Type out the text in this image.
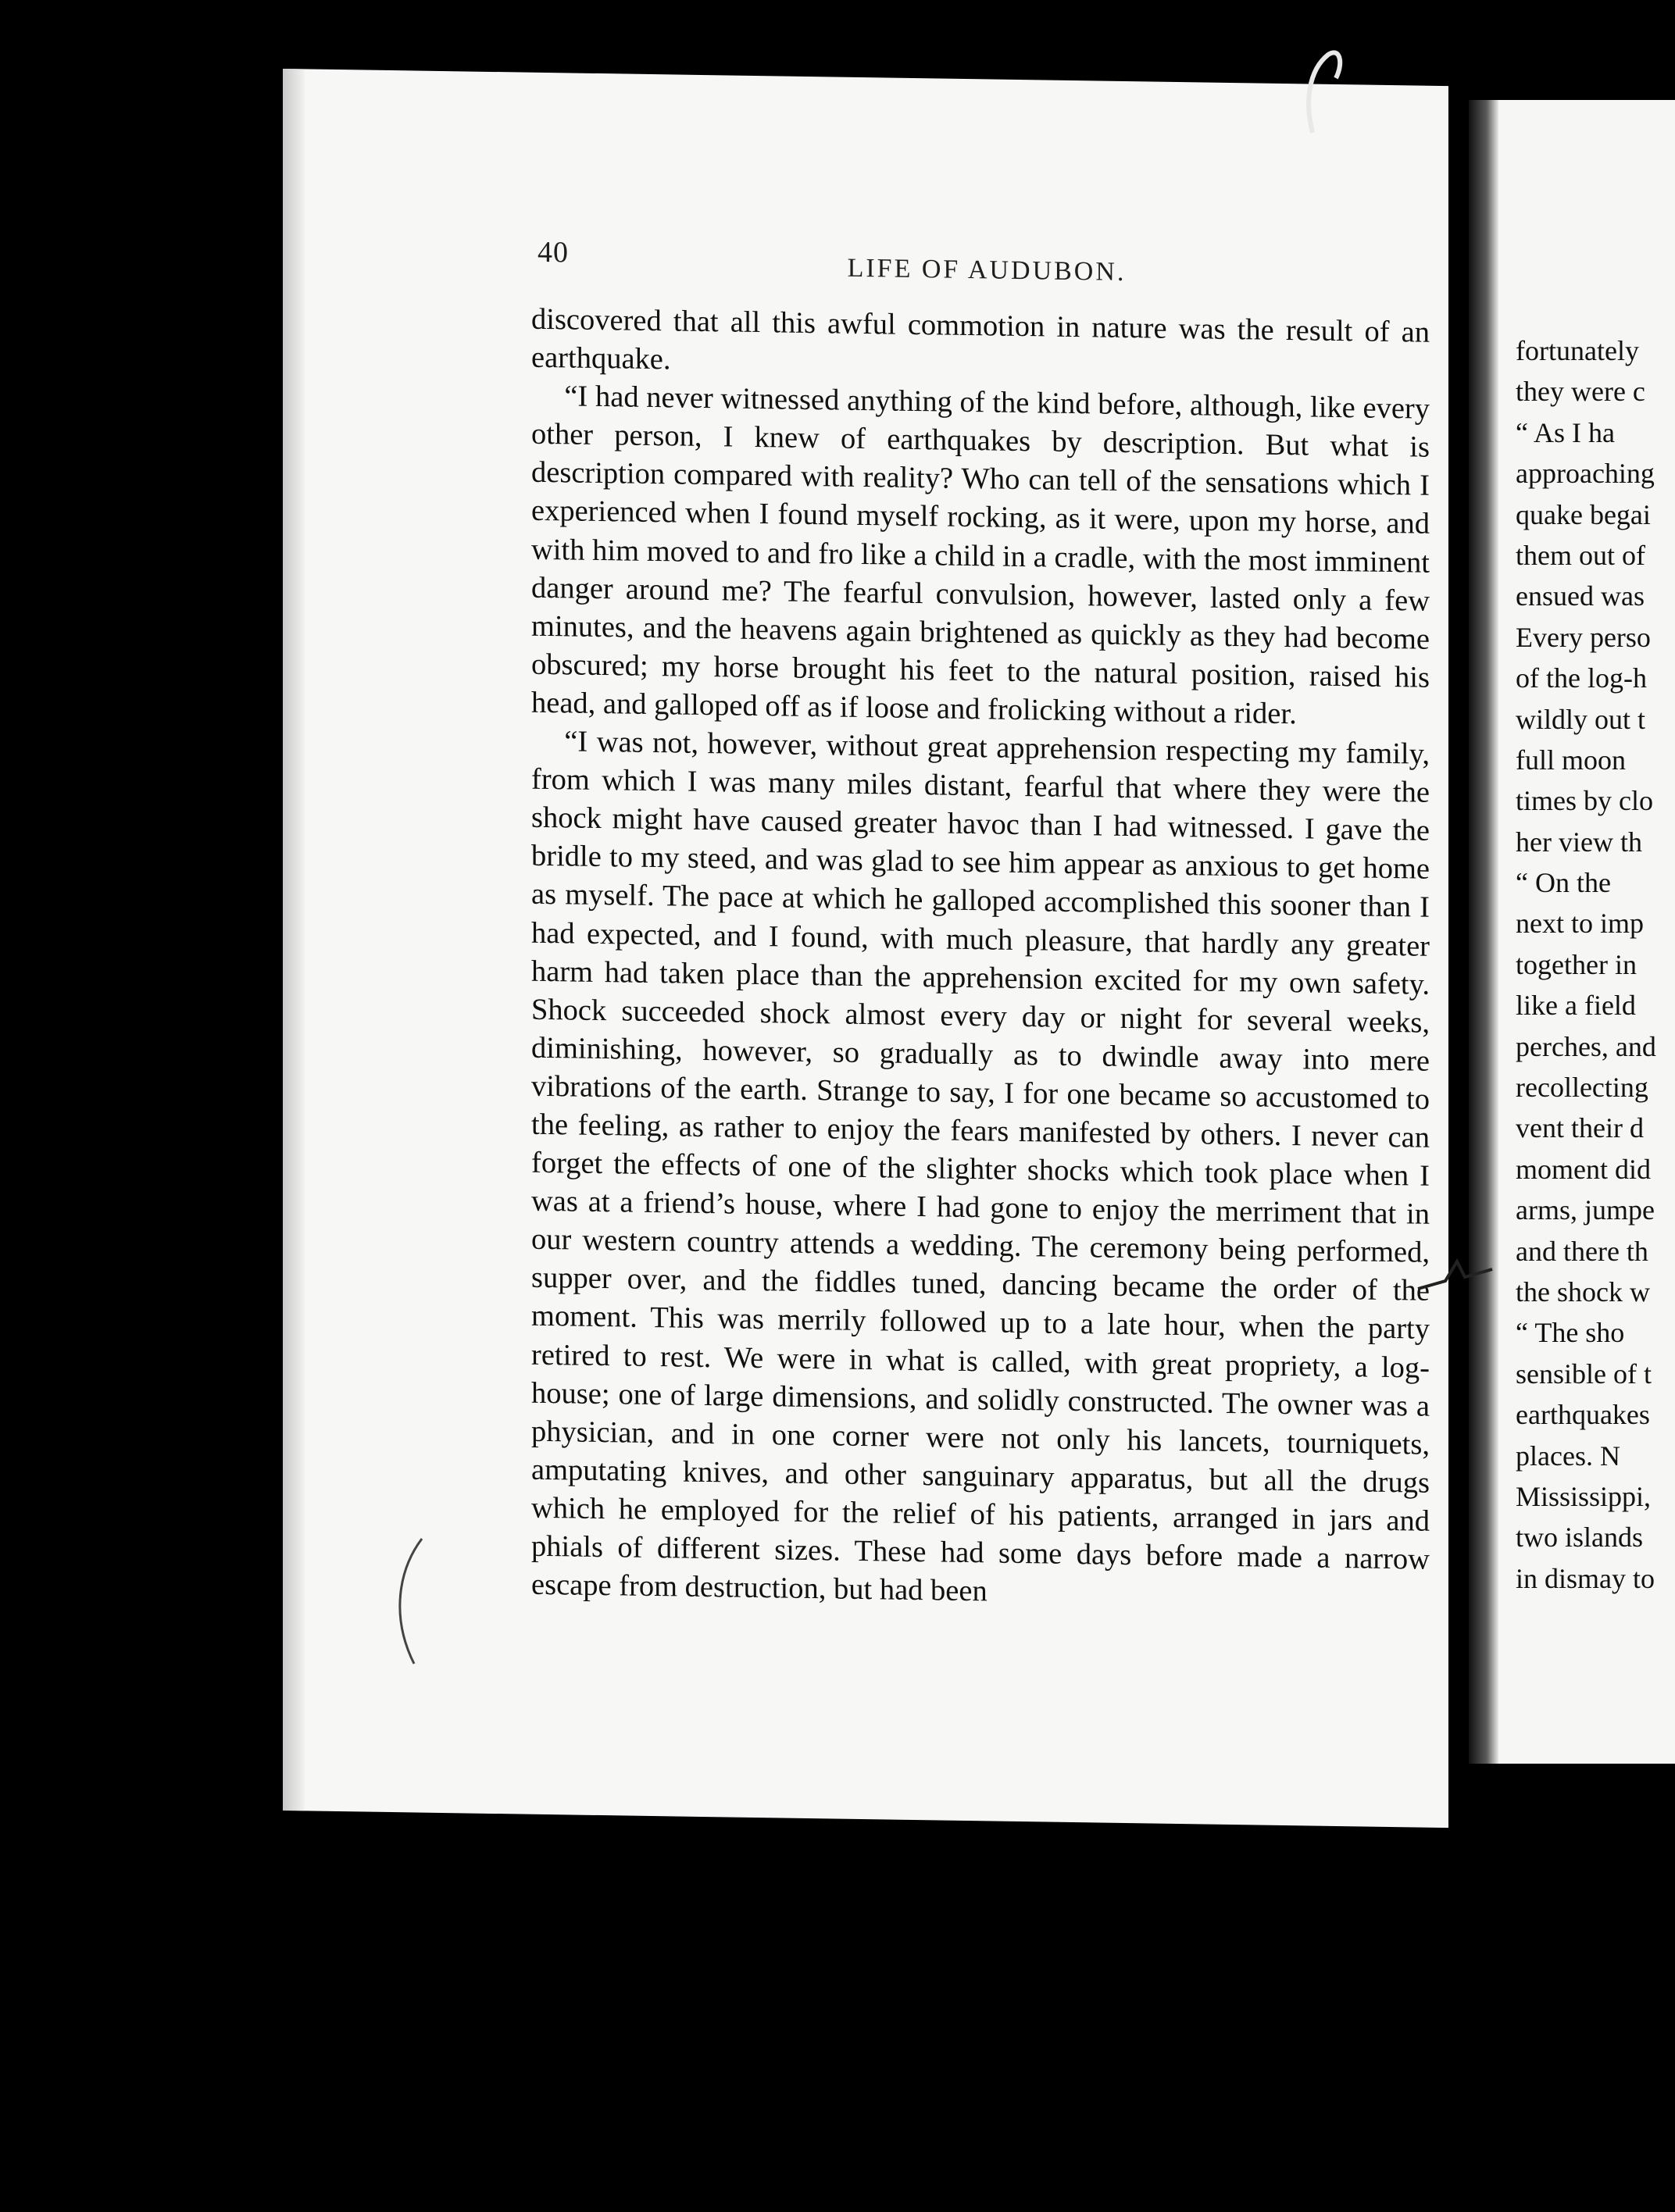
40
LIFE OF AUDUBON.

discovered that all this awful commotion in nature was the result of an earthquake.

“I had never witnessed anything of the kind before, although, like every other person, I knew of earthquakes by description. But what is description compared with reality? Who can tell of the sensations which I experienced when I found myself rocking, as it were, upon my horse, and with him moved to and fro like a child in a cradle, with the most imminent danger around me? The fearful convulsion, however, lasted only a few minutes, and the heavens again brightened as quickly as they had become obscured; my horse brought his feet to the natural position, raised his head, and galloped off as if loose and frolicking without a rider.

“I was not, however, without great apprehension respecting my family, from which I was many miles distant, fearful that where they were the shock might have caused greater havoc than I had witnessed. I gave the bridle to my steed, and was glad to see him appear as anxious to get home as myself. The pace at which he galloped accomplished this sooner than I had expected, and I found, with much pleasure, that hardly any greater harm had taken place than the apprehension excited for my own safety. Shock succeeded shock almost every day or night for several weeks, diminishing, however, so gradually as to dwindle away into mere vibrations of the earth. Strange to say, I for one became so accustomed to the feeling, as rather to enjoy the fears manifested by others. I never can forget the effects of one of the slighter shocks which took place when I was at a friend’s house, where I had gone to enjoy the merriment that in our western country attends a wedding. The ceremony being performed, supper over, and the fiddles tuned, dancing became the order of the moment. This was merrily followed up to a late hour, when the party retired to rest. We were in what is called, with great propriety, a log-house; one of large dimensions, and solidly constructed. The owner was a physician, and in one corner were not only his lancets, tourniquets, amputating knives, and other sanguinary apparatus, but all the drugs which he employed for the relief of his patients, arranged in jars and phials of different sizes. These had some days before made a narrow escape from destruction, but had been

fortunately
they were c
“ As I ha
approaching
quake begai
them out of
ensued was
Every perso
of the log-h
wildly out t
full moon
times by clo
her view th
“ On the
next to imp
together in
like a field
perches, and
recollecting
vent their d
moment did
arms, jumpe
and there th
the shock w
“ The sho
sensible of t
earthquakes
places. N
Mississippi,
two islands
in dismay to
